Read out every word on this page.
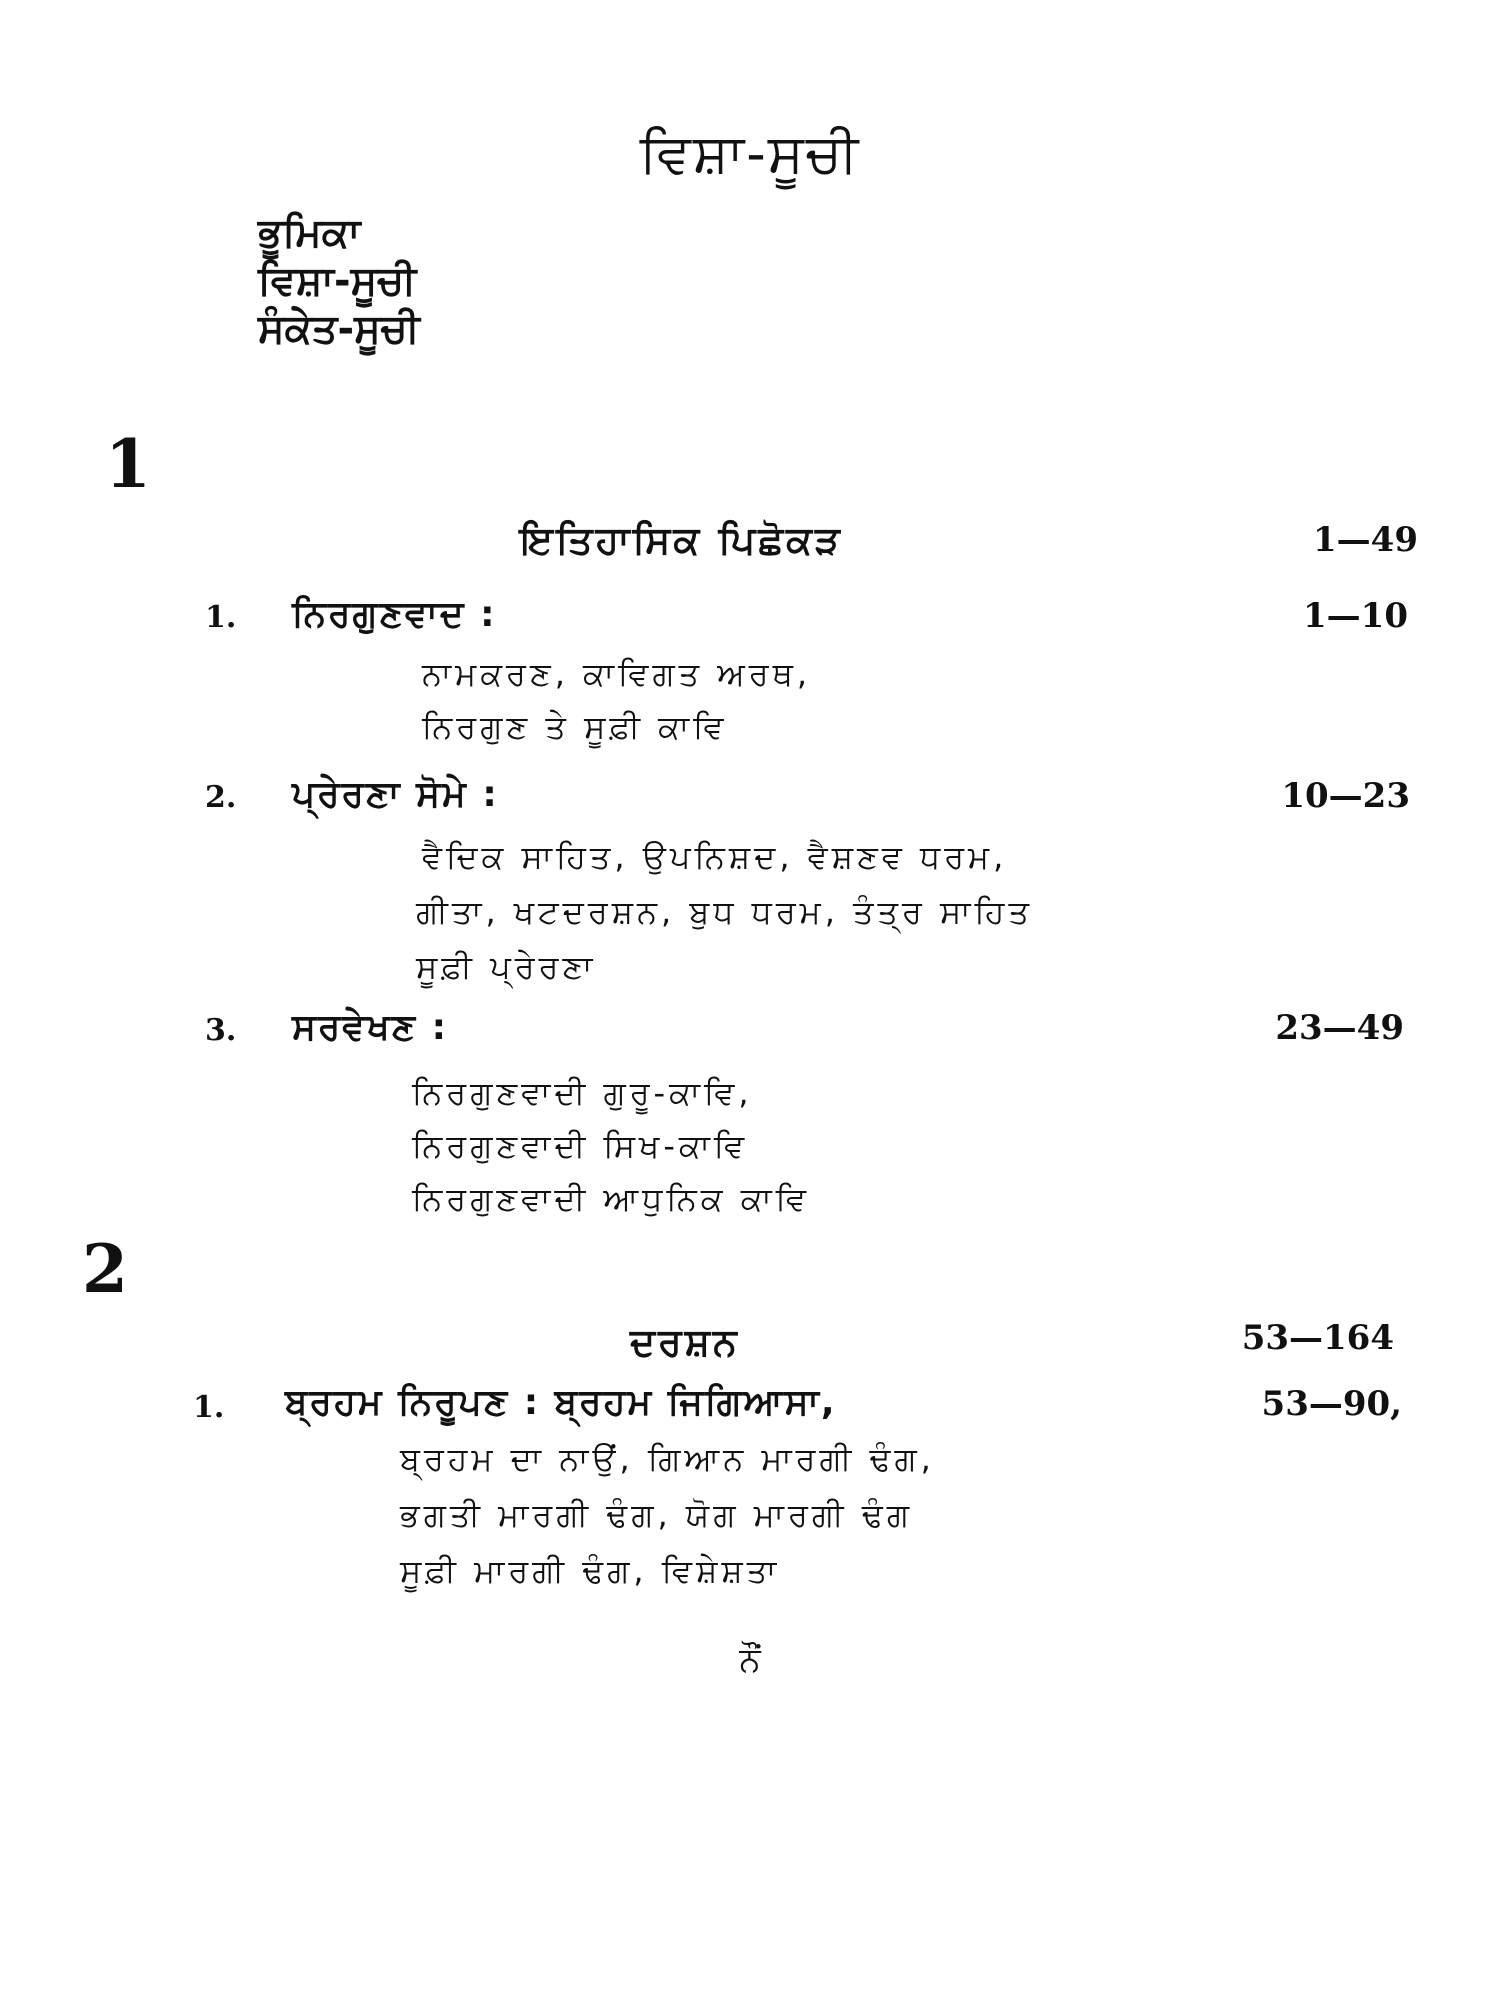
ਵਿਸ਼ਾ-ਸੂਚੀ
ਭੂਮਿਕਾ
ਵਿਸ਼ਾ-ਸੂਚੀ
ਸੰਕੇਤ-ਸੂਚੀ
1
ਇਤਿਹਾਸਿਕ ਪਿਛੋਕੜ	1—49
1. ਨਿਰਗੁਣਵਾਦ :	1—10
ਨਾਮਕਰਣ, ਕਾਵਿਗਤ ਅਰਥ,
ਨਿਰਗੁਣ ਤੇ ਸੂਫ਼ੀ ਕਾਵਿ
2. ਪ੍ਰੇਰਣਾ ਸੋਮੇ :	10—23
ਵੈਦਿਕ ਸਾਹਿਤ, ਉਪਨਿਸ਼ਦ, ਵੈਸ਼ਣਵ ਧਰਮ,
ਗੀਤਾ, ਖਟਦਰਸ਼ਨ, ਬੁਧ ਧਰਮ, ਤੰਤ੍ਰ ਸਾਹਿਤ
ਸੂਫ਼ੀ ਪ੍ਰੇਰਣਾ
3. ਸਰਵੇਖਣ :	23—49
ਨਿਰਗੁਣਵਾਦੀ ਗੁਰੂ-ਕਾਵਿ,
ਨਿਰਗੁਣਵਾਦੀ ਸਿਖ-ਕਾਵਿ
ਨਿਰਗੁਣਵਾਦੀ ਆਧੁਨਿਕ ਕਾਵਿ
2
ਦਰਸ਼ਨ	53—164
1. ਬ੍ਰਹਮ ਨਿਰੂਪਣ : ਬ੍ਰਹਮ ਜਿਗਿਆਸਾ,	53—90,
ਬ੍ਰਹਮ ਦਾ ਨਾਉਂ, ਗਿਆਨ ਮਾਰਗੀ ਢੰਗ,
ਭਗਤੀ ਮਾਰਗੀ ਢੰਗ, ਯੋਗ ਮਾਰਗੀ ਢੰਗ
ਸੂਫ਼ੀ ਮਾਰਗੀ ਢੰਗ, ਵਿਸ਼ੇਸ਼ਤਾ
ਨੌਂ
